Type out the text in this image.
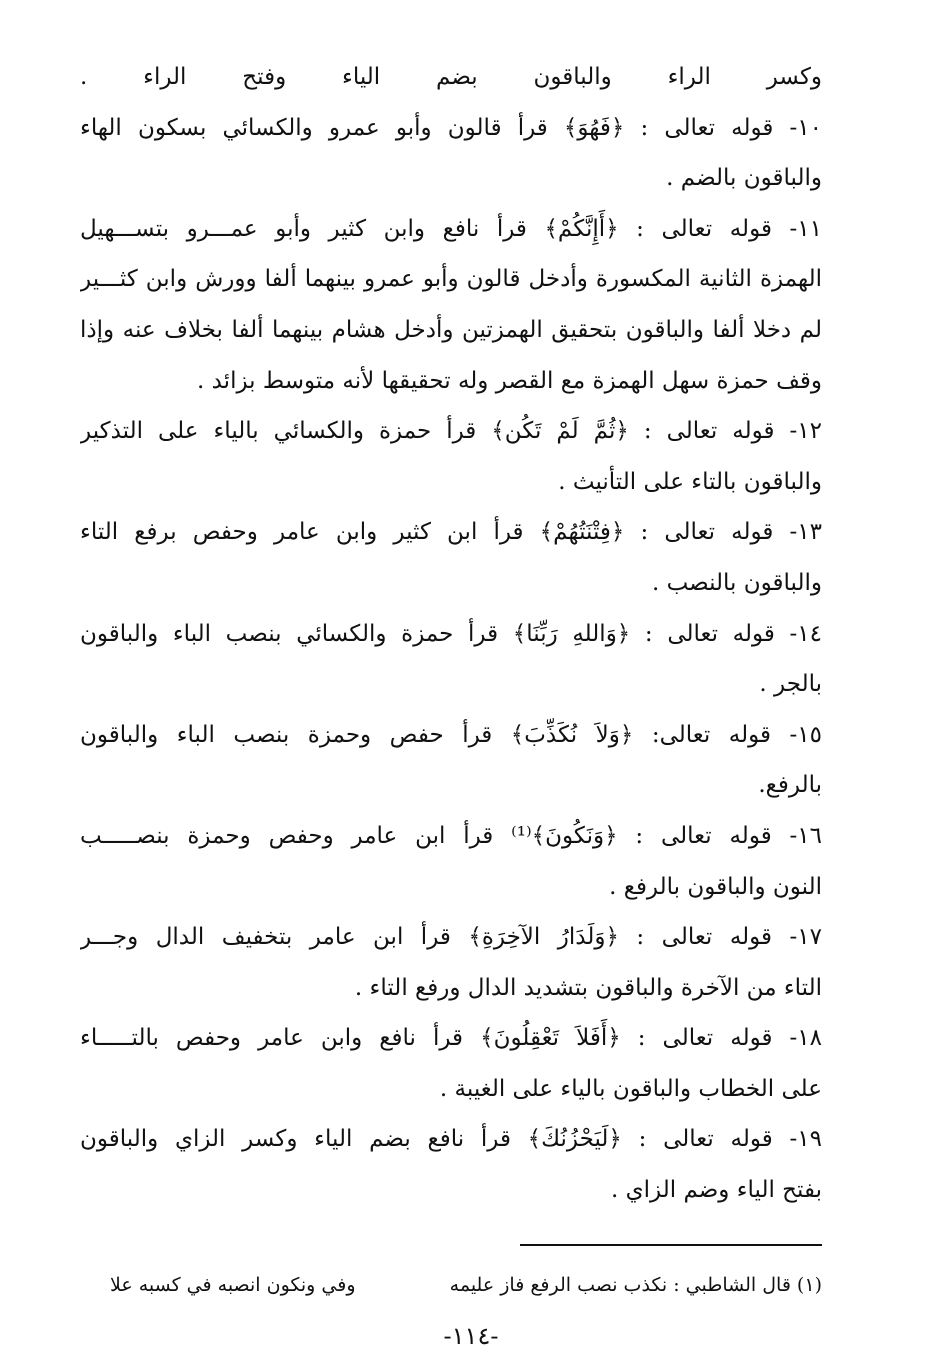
وكسر الراء والباقون بضم الياء وفتح الراء .
١٠- قوله تعالى : ﴿فَهُوَ﴾ قرأ قالون وأبو عمرو والكسائي بسكون الهاء
والباقون بالضم .
١١- قوله تعالى : ﴿أَإِنَّكُمْ﴾ قرأ نافع وابن كثير وأبو عمـــرو بتســـهيل
الهمزة الثانية المكسورة وأدخل قالون وأبو عمرو بينهما ألفا وورش وابن كثـــير
لم دخلا ألفا والباقون بتحقيق الهمزتين وأدخل هشام بينهما ألفا بخلاف عنه وإذا
وقف حمزة سهل الهمزة مع القصر وله تحقيقها لأنه متوسط بزائد .
١٢- قوله تعالى : ﴿ثُمَّ لَمْ تَكُن﴾ قرأ حمزة والكسائي بالياء على التذكير
والباقون بالتاء على التأنيث .
١٣- قوله تعالى : ﴿فِتْنَتُهُمْ﴾ قرأ ابن كثير وابن عامر وحفص برفع التاء
والباقون بالنصب .
١٤- قوله تعالى : ﴿وَاللهِ رَبِّنَا﴾ قرأ حمزة والكسائي بنصب الباء والباقون
بالجر .
١٥- قوله تعالى: ﴿وَلاَ نُكَذِّبَ﴾ قرأ حفص وحمزة بنصب الباء والباقون
بالرفع.
١٦- قوله تعالى : ﴿وَنَكُونَ﴾⁽¹⁾ قرأ ابن عامر وحفص وحمزة بنصـــــب
النون والباقون بالرفع .
١٧- قوله تعالى : ﴿وَلَدَارُ الآخِرَةِ﴾ قرأ ابن عامر بتخفيف الدال وجـــر
التاء من الآخرة والباقون بتشديد الدال ورفع التاء .
١٨- قوله تعالى : ﴿أَفَلاَ تَعْقِلُونَ﴾ قرأ نافع وابن عامر وحفص بالتـــــاء
على الخطاب والباقون بالياء على الغيبة .
١٩- قوله تعالى : ﴿لَيَحْزُنُكَ﴾ قرأ نافع بضم الياء وكسر الزاي والباقون
بفتح الياء وضم الزاي .
(١) قال الشاطبي : نكذب نصب الرفع فاز عليمه
وفي ونكون انصبه في كسبه علا
-١١٤-
